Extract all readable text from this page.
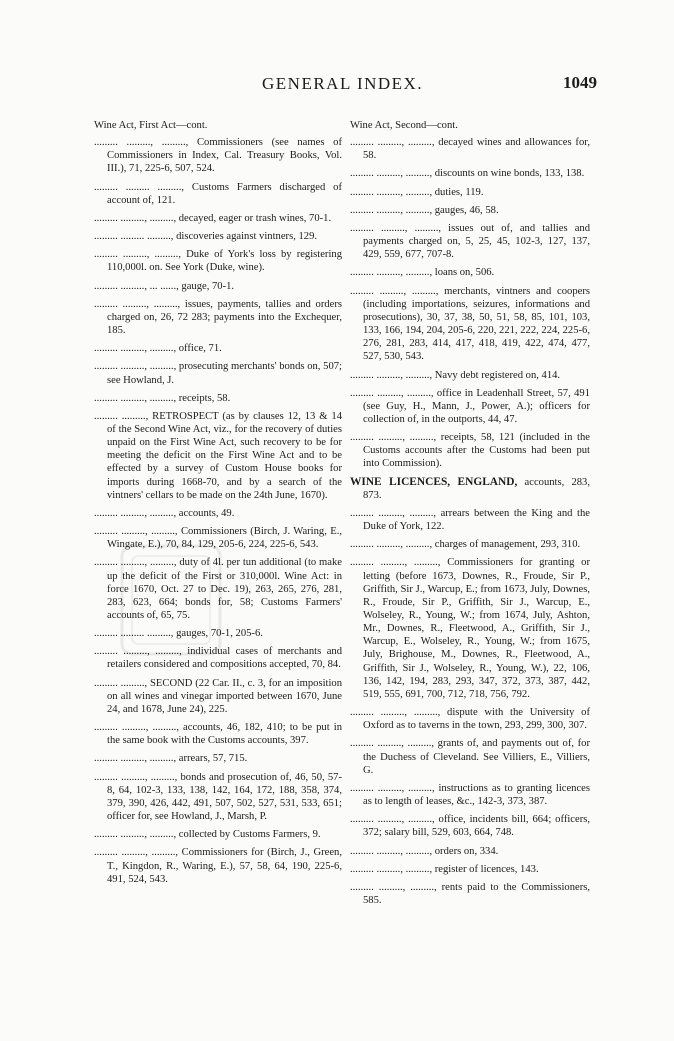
GENERAL INDEX.	1049
Wine Act, First Act—cont.
......... ........., ........., Commissioners (see names of Commissioners in Index, Cal. Treasury Books, Vol. III.), 71, 225-6, 507, 524.
......... ......... ........., Customs Farmers discharged of account of, 121.
......... ........., ........., decayed, eager or trash wines, 70-1.
......... ......... ........., discoveries against vintners, 129.
......... ........., ........., Duke of York's loss by registering 110,000l. on. See York (Duke, wine).
......... ........., ... ......, gauge, 70-1.
......... ........., ........., issues, payments, tallies and orders charged on, 26, 72 283; payments into the Exchequer, 185.
......... ........., ........., office, 71.
......... ........., ........., prosecuting merchants' bonds on, 507; see Howland, J.
......... ........., ........., receipts, 58.
......... ........., RETROSPECT (as by clauses 12, 13 & 14 of the Second Wine Act, viz., for the recovery of duties unpaid on the First Wine Act, such recovery to be for meeting the deficit on the First Wine Act and to be effected by a survey of Custom House books for imports during 1668-70, and by a search of the vintners' cellars to be made on the 24th June, 1670).
......... ........., ........., accounts, 49.
......... ........., ........., Commissioners (Birch, J. Waring, E., Wingate, E.), 70, 84, 129, 205-6, 224, 225-6, 543.
......... ........., ........., duty of 4l. per tun additional (to make up the deficit of the First or 310,000l. Wine Act: in force 1670, Oct. 27 to Dec. 19), 263, 265, 276, 281, 283, 623, 664; bonds for, 58; Customs Farmers' accounts of, 65, 75.
......... ......... ........., gauges, 70-1, 205-6.
......... ........., ........., individual cases of merchants and retailers considered and compositions accepted, 70, 84.
......... ........., SECOND (22 Car. II., c. 3, for an imposition on all wines and vinegar imported between 1670, June 24, and 1678, June 24), 225.
......... ........., ........., accounts, 46, 182, 410; to be put in the same book with the Customs accounts, 397.
......... ........., ........., arrears, 57, 715.
......... ........., ........., bonds and prosecution of, 46, 50, 57-8, 64, 102-3, 133, 138, 142, 164, 172, 188, 358, 374, 379, 390, 426, 442, 491, 507, 502, 527, 531, 533, 651; officer for, see Howland, J., Marsh, P.
......... ........., ........., collected by Customs Farmers, 9.
......... ........., ........., Commissioners for (Birch, J., Green, T., Kingdon, R., Waring, E.), 57, 58, 64, 190, 225-6, 491, 524, 543.
Wine Act, Second—cont.
......... ........., ........., decayed wines and allowances for, 58.
......... ........., ........., discounts on wine bonds, 133, 138.
......... ........., ........., duties, 119.
......... ........., ........., gauges, 46, 58.
......... ........., ........., issues out of, and tallies and payments charged on, 5, 25, 45, 102-3, 127, 137, 429, 559, 677, 707-8.
......... ........., ........., loans on, 506.
......... ........., ........., merchants, vintners and coopers (including importations, seizures, informations and prosecutions), 30, 37, 38, 50, 51, 58, 85, 101, 103, 133, 166, 194, 204, 205-6, 220, 221, 222, 224, 225-6, 276, 281, 283, 414, 417, 418, 419, 422, 474, 477, 527, 530, 543.
......... ........., ........., Navy debt registered on, 414.
......... ........., ........., office in Leadenhall Street, 57, 491 (see Guy, H., Mann, J., Power, A.); officers for collection of, in the outports, 44, 47.
......... ........., ........., receipts, 58, 121 (included in the Customs accounts after the Customs had been put into Commission).
WINE LICENCES, ENGLAND, accounts, 283, 873.
......... ........., ........., arrears between the King and the Duke of York, 122.
......... ........., ........., charges of management, 293, 310.
......... ........., ........., Commissioners for granting or letting (before 1673, Downes, R., Froude, Sir P., Griffith, Sir J., Warcup, E.; from 1673, July, Downes, R., Froude, Sir P., Griffith, Sir J., Warcup, E., Wolseley, R., Young, W.; from 1674, July, Ashton, Mr., Downes, R., Fleetwood, A., Griffith, Sir J., Warcup, E., Wolseley, R., Young, W.; from 1675, July, Brighouse, M., Downes, R., Fleetwood, A., Griffith, Sir J., Wolseley, R., Young, W.), 22, 106, 136, 142, 194, 283, 293, 347, 372, 373, 387, 442, 519, 555, 691, 700, 712, 718, 756, 792.
......... ........., ........., dispute with the University of Oxford as to taverns in the town, 293, 299, 300, 307.
......... ........., ........., grants of, and payments out of, for the Duchess of Cleveland. See Villiers, E., Villiers, G.
......... ........., ........., instructions as to granting licences as to length of leases, &c., 142-3, 373, 387.
......... ........., ........., office, incidents bill, 664; officers, 372; salary bill, 529, 603, 664, 748.
......... ........., ........., orders on, 334.
......... ........., ........., register of licences, 143.
......... ........., ........., rents paid to the Commissioners, 585.
